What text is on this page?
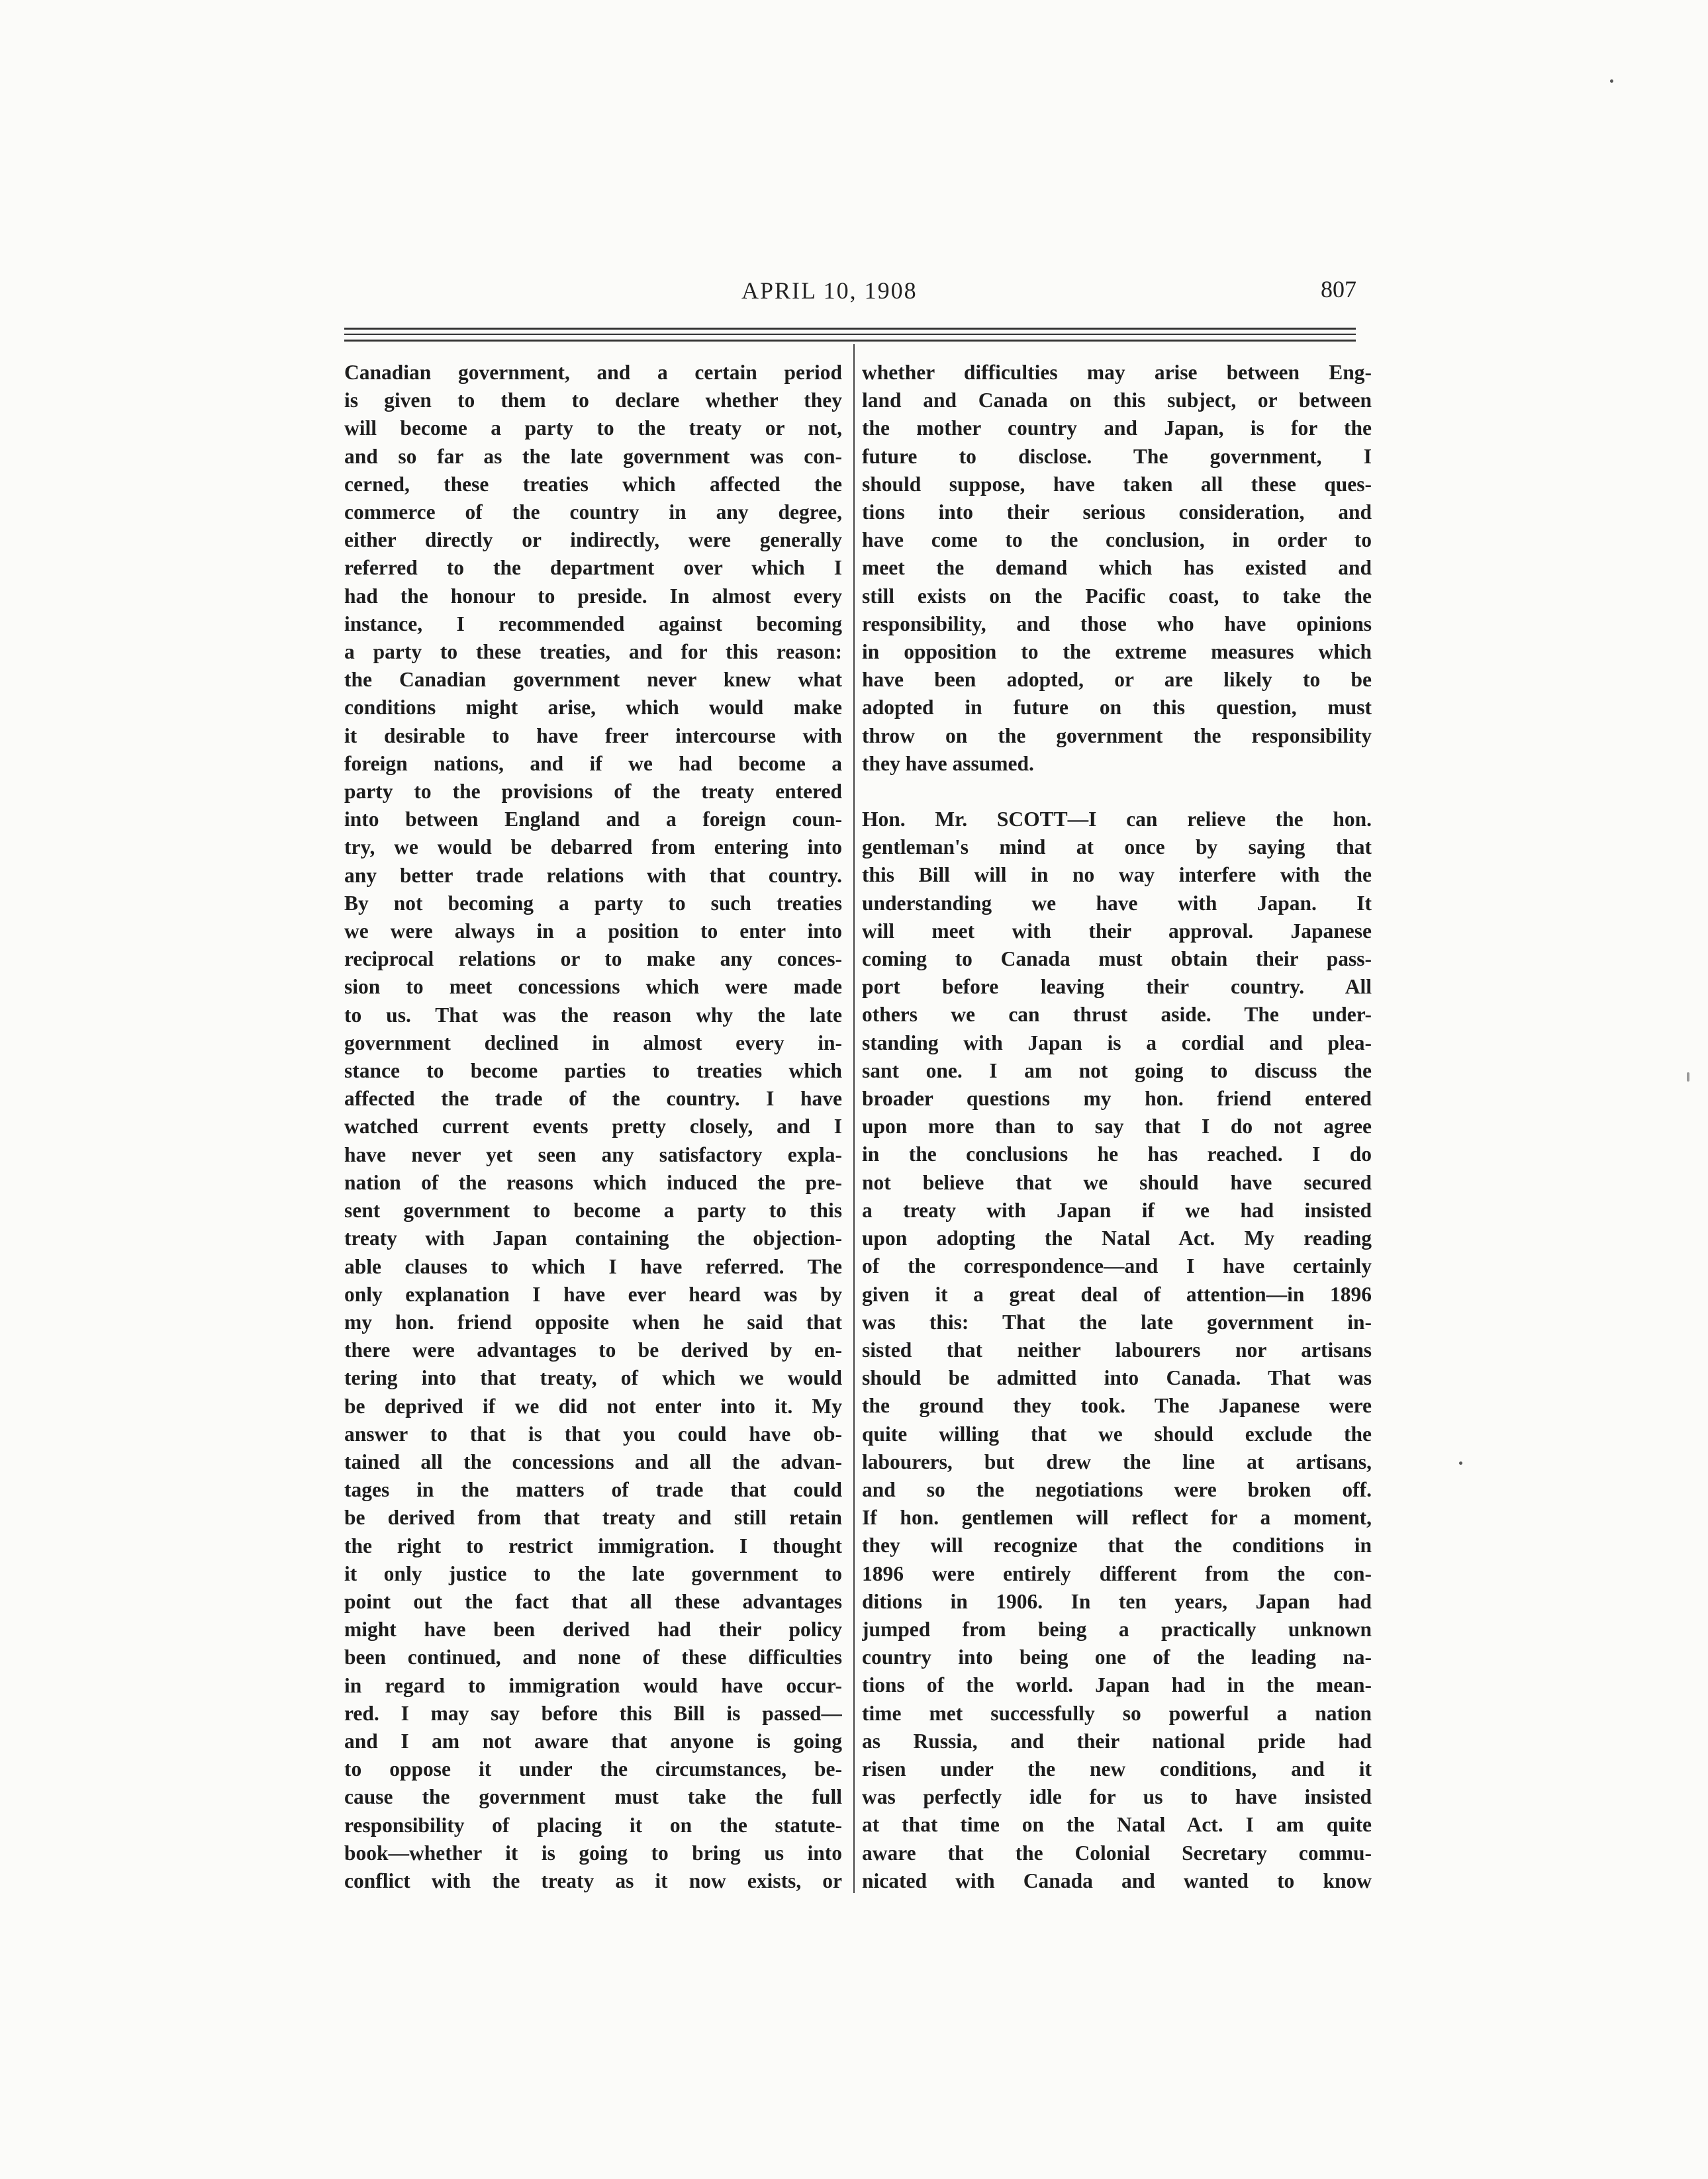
APRIL 10, 1908	807
Canadian government, and a certain period
is given to them to declare whether they
will become a party to the treaty or not,
and so far as the late government was con-
cerned, these treaties which affected the
commerce of the country in any degree,
either directly or indirectly, were generally
referred to the department over which I
had the honour to preside. In almost every
instance, I recommended against becoming
a party to these treaties, and for this reason:
the Canadian government never knew what
conditions might arise, which would make
it desirable to have freer intercourse with
foreign nations, and if we had become a
party to the provisions of the treaty entered
into between England and a foreign coun-
try, we would be debarred from entering into
any better trade relations with that country.
By not becoming a party to such treaties
we were always in a position to enter into
reciprocal relations or to make any conces-
sion to meet concessions which were made
to us. That was the reason why the late
government declined in almost every in-
stance to become parties to treaties which
affected the trade of the country. I have
watched current events pretty closely, and I
have never yet seen any satisfactory expla-
nation of the reasons which induced the pre-
sent government to become a party to this
treaty with Japan containing the objection-
able clauses to which I have referred. The
only explanation I have ever heard was by
my hon. friend opposite when he said that
there were advantages to be derived by en-
tering into that treaty, of which we would
be deprived if we did not enter into it. My
answer to that is that you could have ob-
tained all the concessions and all the advan-
tages in the matters of trade that could
be derived from that treaty and still retain
the right to restrict immigration. I thought
it only justice to the late government to
point out the fact that all these advantages
might have been derived had their policy
been continued, and none of these difficulties
in regard to immigration would have occur-
red. I may say before this Bill is passed—
and I am not aware that anyone is going
to oppose it under the circumstances, be-
cause the government must take the full
responsibility of placing it on the statute-
book—whether it is going to bring us into
conflict with the treaty as it now exists, or
whether difficulties may arise between Eng-
land and Canada on this subject, or between
the mother country and Japan, is for the
future to disclose. The government, I
should suppose, have taken all these ques-
tions into their serious consideration, and
have come to the conclusion, in order to
meet the demand which has existed and
still exists on the Pacific coast, to take the
responsibility, and those who have opinions
in opposition to the extreme measures which
have been adopted, or are likely to be
adopted in future on this question, must
throw on the government the responsibility
they have assumed.
Hon. Mr. SCOTT—I can relieve the hon.
gentleman's mind at once by saying that
this Bill will in no way interfere with the
understanding we have with Japan. It
will meet with their approval. Japanese
coming to Canada must obtain their pass-
port before leaving their country. All
others we can thrust aside. The under-
standing with Japan is a cordial and plea-
sant one. I am not going to discuss the
broader questions my hon. friend entered
upon more than to say that I do not agree
in the conclusions he has reached. I do
not believe that we should have secured
a treaty with Japan if we had insisted
upon adopting the Natal Act. My reading
of the correspondence—and I have certainly
given it a great deal of attention—in 1896
was this: That the late government in-
sisted that neither labourers nor artisans
should be admitted into Canada. That was
the ground they took. The Japanese were
quite willing that we should exclude the
labourers, but drew the line at artisans,
and so the negotiations were broken off.
If hon. gentlemen will reflect for a moment,
they will recognize that the conditions in
1896 were entirely different from the con-
ditions in 1906. In ten years, Japan had
jumped from being a practically unknown
country into being one of the leading na-
tions of the world. Japan had in the mean-
time met successfully so powerful a nation
as Russia, and their national pride had
risen under the new conditions, and it
was perfectly idle for us to have insisted
at that time on the Natal Act. I am quite
aware that the Colonial Secretary commu-
nicated with Canada and wanted to know
